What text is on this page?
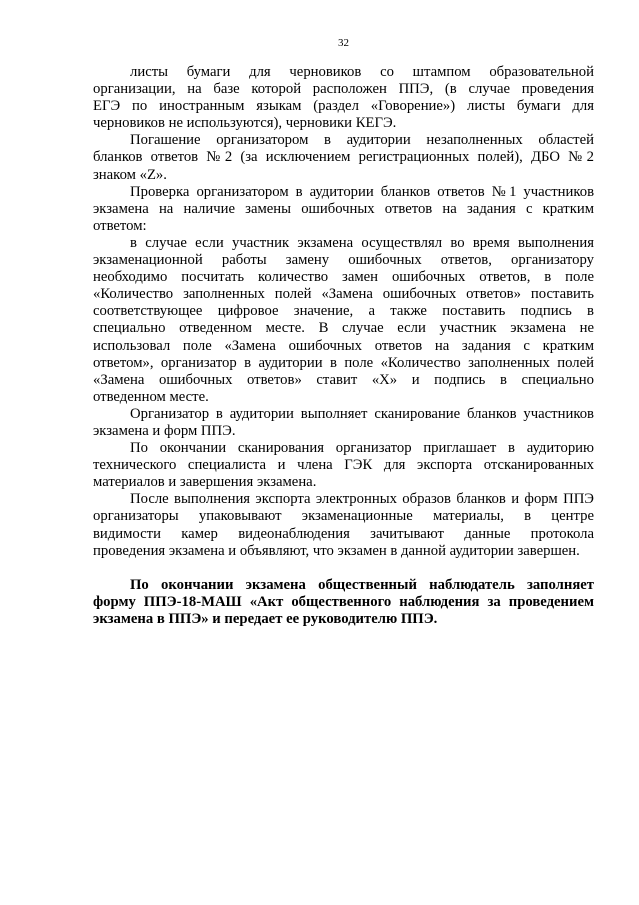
32
листы бумаги для черновиков со штампом образовательной
организации, на базе которой расположен ППЭ, (в случае проведения
ЕГЭ по иностранным языкам (раздел «Говорение») листы бумаги для
черновиков не используются), черновики КЕГЭ.
Погашение организатором в аудитории незаполненных областей
бланков ответов №2 (за исключением регистрационных полей), ДБО №2
знаком «Z».
Проверка организатором в аудитории бланков ответов №1 участников
экзамена на наличие замены ошибочных ответов на задания с кратким
ответом:
в случае если участник экзамена осуществлял во время выполнения
экзаменационной работы замену ошибочных ответов, организатору
необходимо посчитать количество замен ошибочных ответов, в поле
«Количество заполненных полей «Замена ошибочных ответов» поставить
соответствующее цифровое значение, а также поставить подпись в
специально отведенном месте. В случае если участник экзамена не
использовал поле «Замена ошибочных ответов на задания с кратким
ответом», организатор в аудитории в поле «Количество заполненных полей
«Замена ошибочных ответов» ставит «X» и подпись в специально
отведенном месте.
Организатор в аудитории выполняет сканирование бланков участников
экзамена и форм ППЭ.
По окончании сканирования организатор приглашает в аудиторию
технического специалиста и члена ГЭК для экспорта отсканированных
материалов и завершения экзамена.
После выполнения экспорта электронных образов бланков и форм ППЭ
организаторы упаковывают экзаменационные материалы, в центре
видимости камер видеонаблюдения зачитывают данные протокола
проведения экзамена и объявляют, что экзамен в данной аудитории завершен.
По окончании экзамена общественный наблюдатель заполняет
форму ППЭ-18-МАШ «Акт общественного наблюдения за проведением
экзамена в ППЭ» и передает ее руководителю ППЭ.
